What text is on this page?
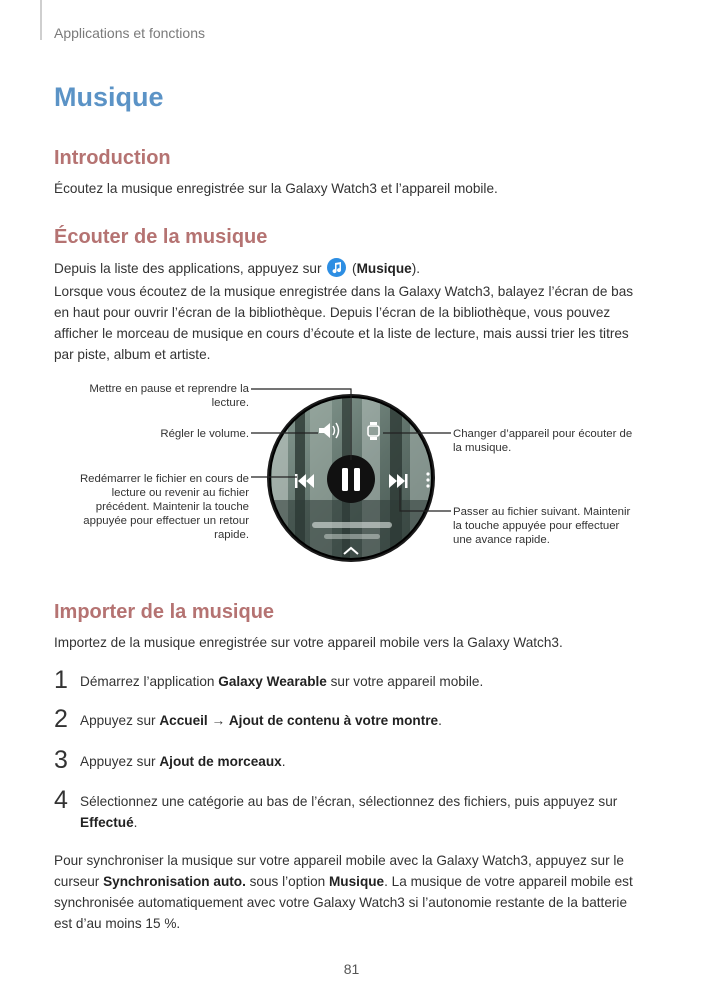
Applications et fonctions
Musique
Introduction
Écoutez la musique enregistrée sur la Galaxy Watch3 et l’appareil mobile.
Écouter de la musique
Depuis la liste des applications, appuyez sur
(Musique).
Lorsque vous écoutez de la musique enregistrée dans la Galaxy Watch3, balayez l’écran de bas en haut pour ouvrir l’écran de la bibliothèque. Depuis l’écran de la bibliothèque, vous pouvez afficher le morceau de musique en cours d’écoute et la liste de lecture, mais aussi trier les titres par piste, album et artiste.
Mettre en pause et reprendre la lecture.
Régler le volume.
Redémarrer le fichier en cours de lecture ou revenir au fichier précédent. Maintenir la touche appuyée pour effectuer un retour rapide.
Changer d’appareil pour écouter de la musique.
Passer au fichier suivant. Maintenir la touche appuyée pour effectuer une avance rapide.
Importer de la musique
Importez de la musique enregistrée sur votre appareil mobile vers la Galaxy Watch3.
1 Démarrez l’application Galaxy Wearable sur votre appareil mobile.
2 Appuyez sur Accueil → Ajout de contenu à votre montre.
3 Appuyez sur Ajout de morceaux.
4 Sélectionnez une catégorie au bas de l’écran, sélectionnez des fichiers, puis appuyez sur Effectué.
Pour synchroniser la musique sur votre appareil mobile avec la Galaxy Watch3, appuyez sur le curseur Synchronisation auto. sous l’option Musique. La musique de votre appareil mobile est synchronisée automatiquement avec votre Galaxy Watch3 si l’autonomie restante de la batterie est d’au moins 15 %.
81
